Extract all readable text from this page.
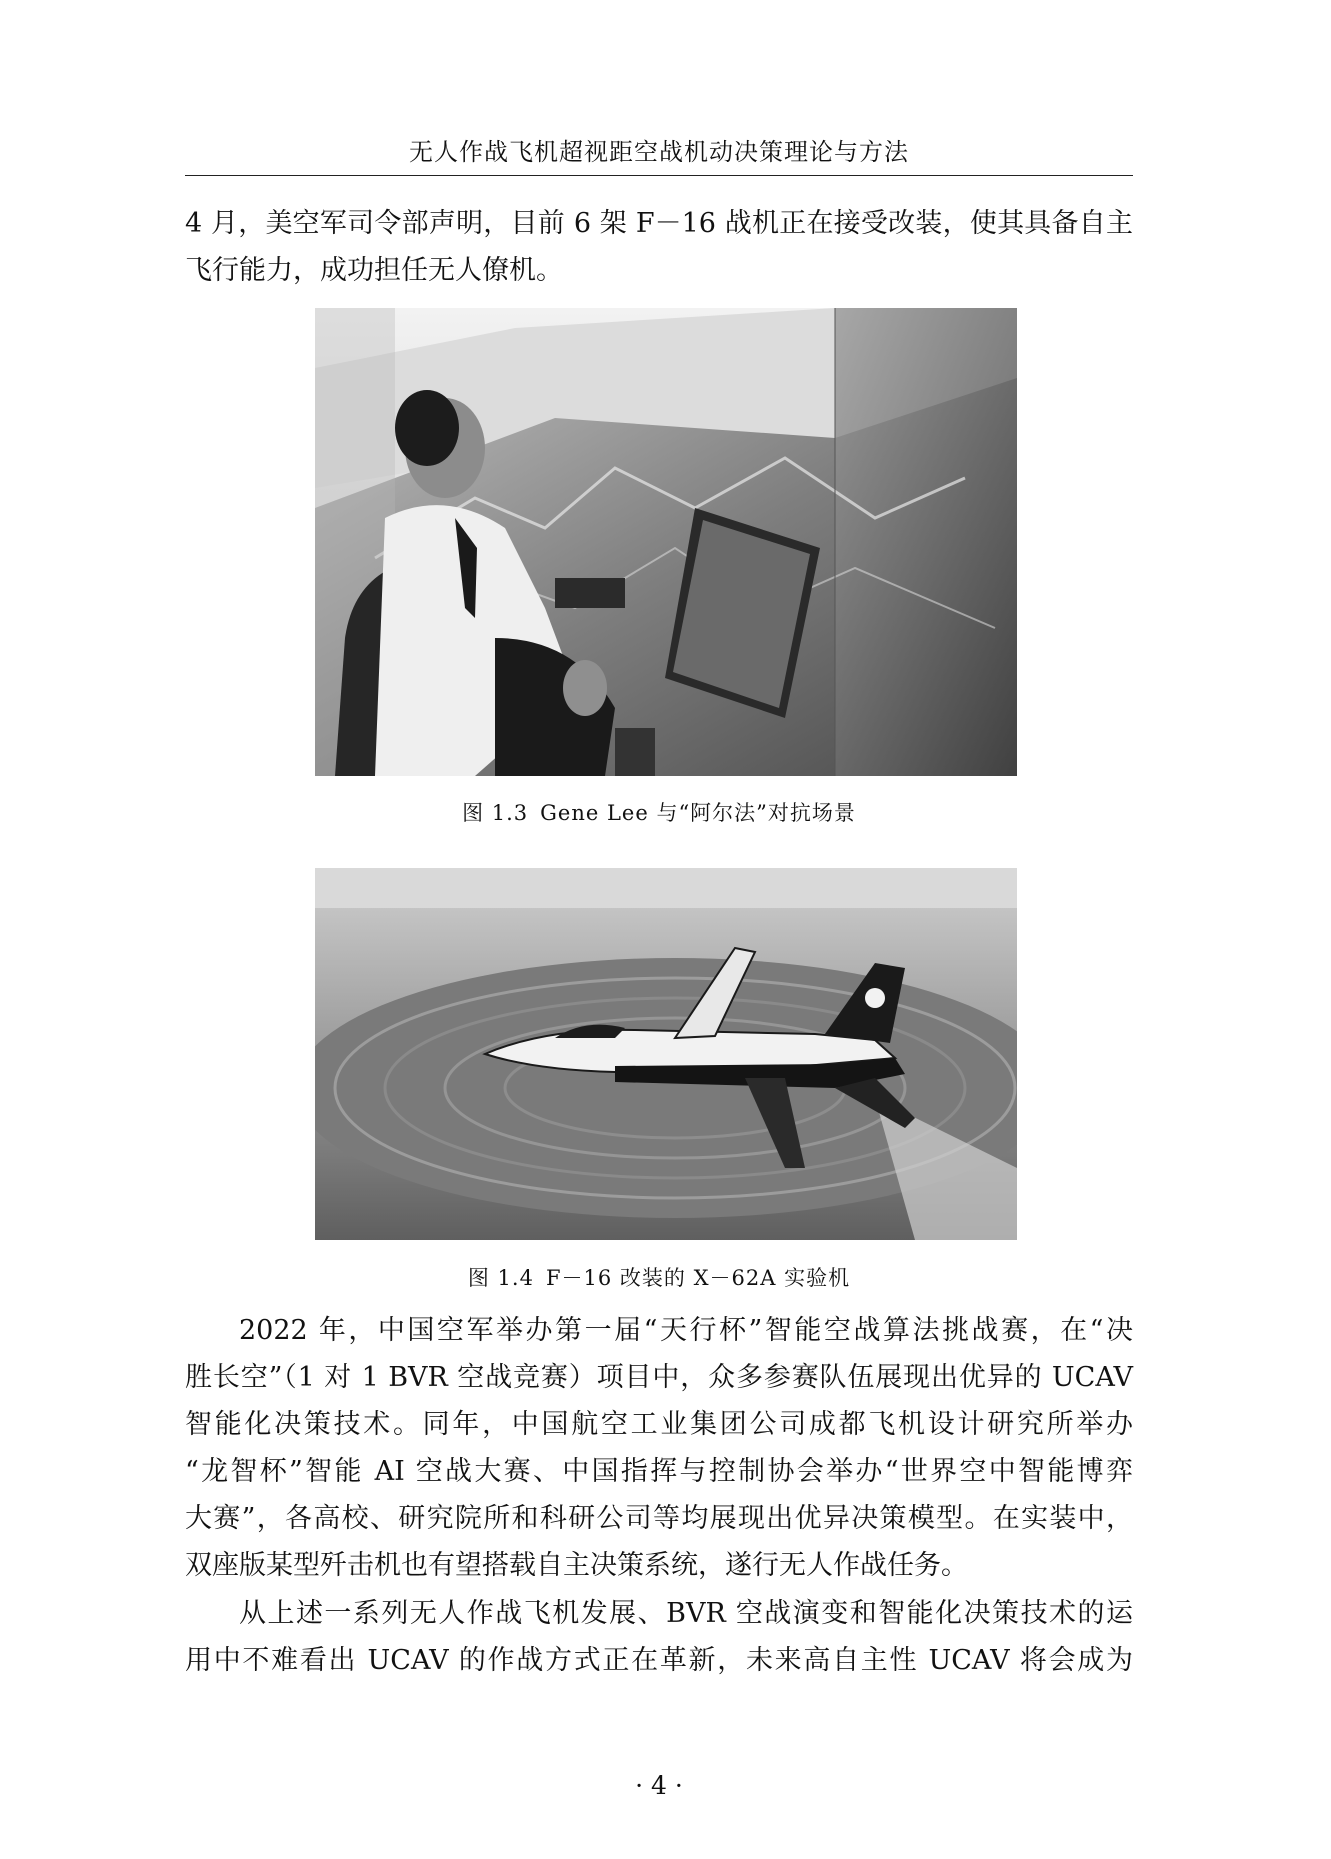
无人作战飞机超视距空战机动决策理论与方法
4 月，美空军司令部声明，目前 6 架 F－16 战机正在接受改装，使其具备自主
飞行能力，成功担任无人僚机。
图 1.3 Gene Lee 与“阿尔法”对抗场景
图 1.4 F－16 改装的 X－62A 实验机
2022 年，中国空军举办第一届“天行杯”智能空战算法挑战赛，在“决
胜长空”（1 对 1 BVR 空战竞赛）项目中，众多参赛队伍展现出优异的 UCAV
智能化决策技术。同年，中国航空工业集团公司成都飞机设计研究所举办
“龙智杯”智能 AI 空战大赛、中国指挥与控制协会举办“世界空中智能博弈
大赛”，各高校、研究院所和科研公司等均展现出优异决策模型。在实装中，
双座版某型歼击机也有望搭载自主决策系统，遂行无人作战任务。
从上述一系列无人作战飞机发展、BVR 空战演变和智能化决策技术的运
用中不难看出 UCAV 的作战方式正在革新，未来高自主性 UCAV 将会成为
· 4 ·
